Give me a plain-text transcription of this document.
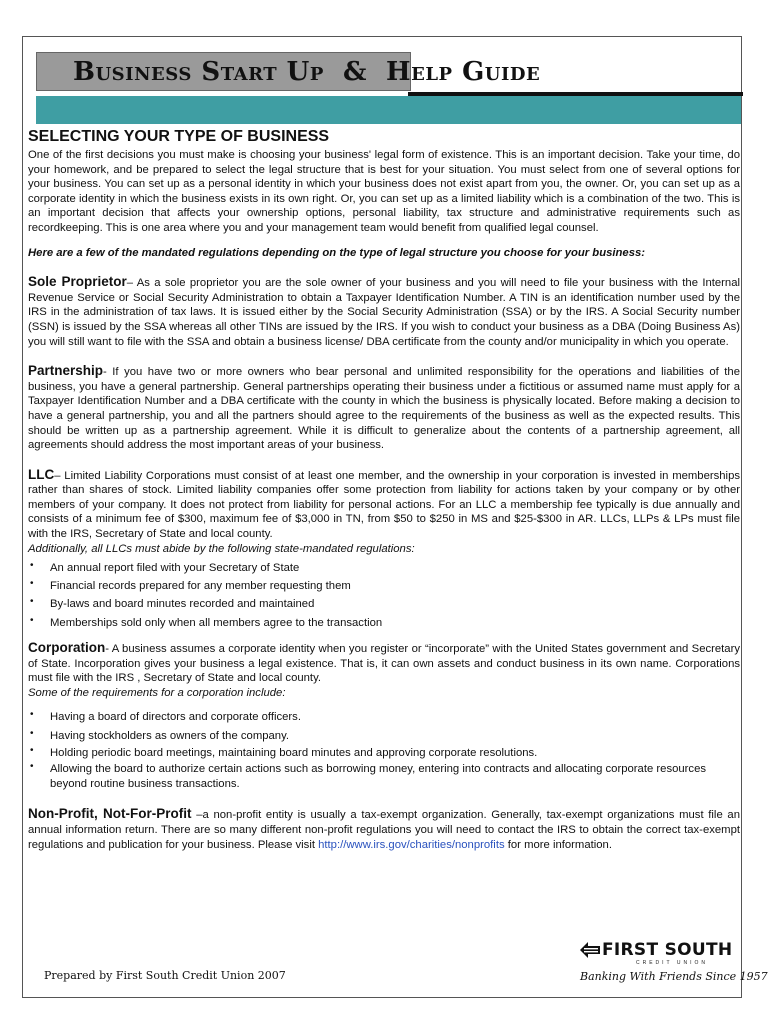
Business Start Up  &  Help Guide
SELECTING YOUR TYPE OF BUSINESS

One of the first decisions you must make is choosing your business' legal form of existence. This is an important decision. Take your time, do your homework, and be prepared to select the legal structure that is best for your situation. You must select from one of several options for your business. You can set up as a personal identity in which your business does not exist apart from you, the owner. Or, you can set up as a corporate identity in which the business exists in its own right. Or, you can set up as a limited liability which is a combination of the two. This is an important decision that affects your ownership options, personal liability, tax structure and administrative requirements such as recordkeeping. This is one area where you and your management team would benefit from qualified legal counsel.

Here are a few of the mandated regulations depending on the type of legal structure you choose for your business:

Sole Proprietor– As a sole proprietor you are the sole owner of your business and you will need to file your business with the Internal Revenue Service or Social Security Administration to obtain a Taxpayer Identification Number. A TIN is an identification number used by the IRS in the administration of tax laws. It is issued either by the Social Security Administration (SSA) or by the IRS. A Social Security number (SSN) is issued by the SSA whereas all other TINs are issued by the IRS. If you wish to conduct your business as a DBA (Doing Business As) you will still want to file with the SSA and obtain a business license/ DBA certificate from the county and/or municipality in which you operate.

Partnership- If you have two or more owners who bear personal and unlimited responsibility for the operations and liabilities of the business, you have a general partnership. General partnerships operating their business under a fictitious or assumed name must apply for a Taxpayer Identification Number and a DBA certificate with the county in which the business is physically located. Before making a decision to have a general partnership, you and all the partners should agree to the requirements of the business as well as the expected results. This should be written up as a partnership agreement. While it is difficult to generalize about the contents of a partnership agreement, all agreements should address the most important areas of your business.

LLC– Limited Liability Corporations must consist of at least one member, and the ownership in your corporation is invested in memberships rather than shares of stock. Limited liability companies offer some protection from liability for actions taken by your company or by other members of your company. It does not protect from liability for personal actions. For an LLC a membership fee typically is due annually and consists of a minimum fee of $300, maximum fee of $3,000 in TN, from $50 to $250 in MS and $25-$300 in AR. LLCs, LLPs & LPs must file with the IRS, Secretary of State and local county.

Additionally, all LLCs must abide by the following state-mandated regulations:

• An annual report filed with your Secretary of State
• Financial records prepared for any member requesting them
• By-laws and board minutes recorded and maintained
• Memberships sold only when all members agree to the transaction

Corporation- A business assumes a corporate identity when you register or “incorporate” with the United States government and Secretary of State. Incorporation gives your business a legal existence. That is, it can own assets and conduct business in its own name. Corporations must file with the IRS , Secretary of State and local county.

Some of the requirements for a corporation include:

• Having a board of directors and corporate officers.
• Having stockholders as owners of the company.
• Holding periodic board meetings, maintaining board minutes and approving corporate resolutions.
• Allowing the board to authorize certain actions such as borrowing money, entering into contracts and allocating corporate resources beyond routine business transactions.

Non-Profit, Not-For-Profit –a non-profit entity is usually a tax-exempt organization. Generally, tax-exempt organizations must file an annual information return. There are so many different non-profit regulations you will need to contact the IRS to obtain the correct tax-exempt regulations and publication for your business. Please visit http://www.irs.gov/charities/nonprofits for more information.

Prepared by First South Credit Union 2007
FIRST SOUTH
CREDIT UNION
Banking With Friends Since 1957
